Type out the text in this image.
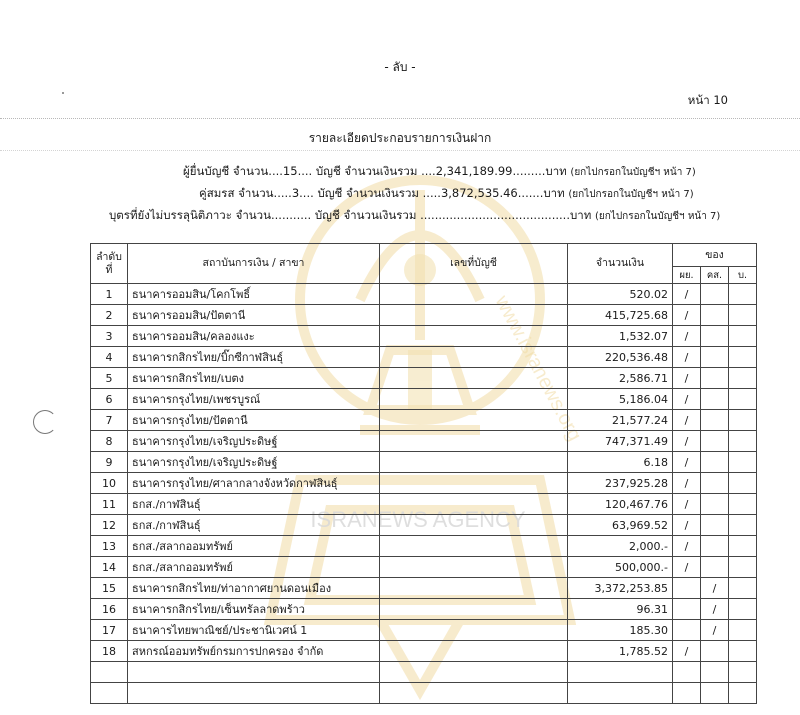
ISRANEWS AGENCY
www.isranews.org
- ลับ -
หน้า 10
รายละเอียดประกอบรายการเงินฝาก
ผู้ยื่นบัญชี จำนวน....15.... บัญชี จำนวนเงินรวม ....2,341,189.99.........บาท (ยกไปกรอกในบัญชีฯ หน้า 7)
คู่สมรส จำนวน.....3.... บัญชี จำนวนเงินรวม .....3,872,535.46.......บาท (ยกไปกรอกในบัญชีฯ หน้า 7)
บุตรที่ยังไม่บรรลุนิติภาวะ จำนวน........... บัญชี จำนวนเงินรวม .........................................บาท (ยกไปกรอกในบัญชีฯ หน้า 7)
ลำดับ ที่	สถาบันการเงิน / สาขา	เลขที่บัญชี	จำนวนเงิน	ของ		
				ผย.	คส.	บ.
1	ธนาคารออมสิน/โคกโพธิ์		520.02	/		
2	ธนาคารออมสิน/ปัตตานี		415,725.68	/		
3	ธนาคารออมสิน/คลองแงะ		1,532.07	/		
4	ธนาคารกสิกรไทย/บิ๊กซีกาฬสินธุ์		220,536.48	/		
5	ธนาคารกสิกรไทย/เบตง		2,586.71	/		
6	ธนาคารกรุงไทย/เพชรบูรณ์		5,186.04	/		
7	ธนาคารกรุงไทย/ปัตตานี		21,577.24	/		
8	ธนาคารกรุงไทย/เจริญประดิษฐ์		747,371.49	/		
9	ธนาคารกรุงไทย/เจริญประดิษฐ์		6.18	/		
10	ธนาคารกรุงไทย/ศาลากลางจังหวัดกาฬสินธุ์		237,925.28	/		
11	ธกส./กาฬสินธุ์		120,467.76	/		
12	ธกส./กาฬสินธุ์		63,969.52	/		
13	ธกส./สลากออมทรัพย์		2,000.-	/		
14	ธกส./สลากออมทรัพย์		500,000.-	/		
15	ธนาคารกสิกรไทย/ท่าอากาศยานดอนเมือง		3,372,253.85		/	
16	ธนาคารกสิกรไทย/เซ็นทรัลลาดพร้าว		96.31		/	
17	ธนาคารไทยพาณิชย์/ประชานิเวศน์ 1		185.30		/	
18	สหกรณ์ออมทรัพย์กรมการปกครอง จำกัด		1,785.52	/		
